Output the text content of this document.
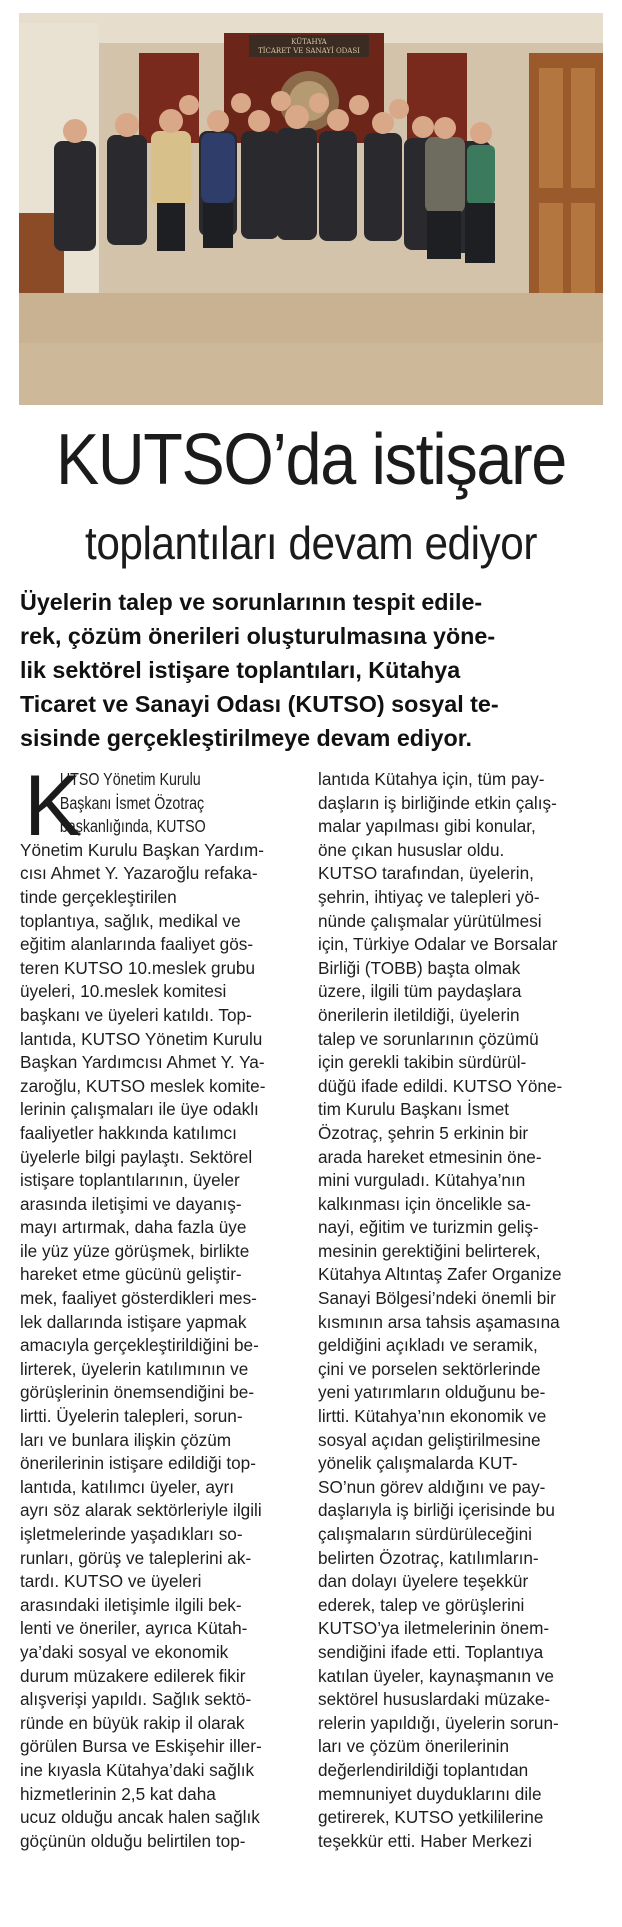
KÜTAHYA
TİCARET VE SANAYİ ODASI
KUTSO’da istişare
toplantıları devam ediyor
Üyelerin talep ve sorunlarının tespit edile-
rek, çözüm önerileri oluşturulmasına yöne-
lik sektörel istişare toplantıları, Kütahya
Ticaret ve Sanayi Odası (KUTSO) sosyal te-
sisinde gerçekleştirilmeye devam ediyor.
K
UTSO Yönetim Kurulu
Başkanı İsmet Özotraç
başkanlığında, KUTSO
Yönetim Kurulu Başkan Yardım-
cısı Ahmet Y. Yazaroğlu refaka-
tinde gerçekleştirilen
toplantıya, sağlık, medikal ve
eğitim alanlarında faaliyet gös-
teren KUTSO 10.meslek grubu
üyeleri, 10.meslek komitesi
başkanı ve üyeleri katıldı. Top-
lantıda, KUTSO Yönetim Kurulu
Başkan Yardımcısı Ahmet Y. Ya-
zaroğlu, KUTSO meslek komite-
lerinin çalışmaları ile üye odaklı
faaliyetler hakkında katılımcı
üyelerle bilgi paylaştı. Sektörel
istişare toplantılarının, üyeler
arasında iletişimi ve dayanış-
mayı artırmak, daha fazla üye
ile yüz yüze görüşmek, birlikte
hareket etme gücünü geliştir-
mek, faaliyet gösterdikleri mes-
lek dallarında istişare yapmak
amacıyla gerçekleştirildiğini be-
lirterek, üyelerin katılımının ve
görüşlerinin önemsendiğini be-
lirtti. Üyelerin talepleri, sorun-
ları ve bunlara ilişkin çözüm
önerilerinin istişare edildiği top-
lantıda, katılımcı üyeler, ayrı
ayrı söz alarak sektörleriyle ilgili
işletmelerinde yaşadıkları so-
runları, görüş ve taleplerini ak-
tardı. KUTSO ve üyeleri
arasındaki iletişimle ilgili bek-
lenti ve öneriler, ayrıca Kütah-
ya’daki sosyal ve ekonomik
durum müzakere edilerek fikir
alışverişi yapıldı. Sağlık sektö-
ründe en büyük rakip il olarak
görülen Bursa ve Eskişehir iller-
ine kıyasla Kütahya’daki sağlık
hizmetlerinin 2,5 kat daha
ucuz olduğu ancak halen sağlık
göçünün olduğu belirtilen top-
lantıda Kütahya için, tüm pay-
daşların iş birliğinde etkin çalış-
malar yapılması gibi konular,
öne çıkan hususlar oldu.
KUTSO tarafından, üyelerin,
şehrin, ihtiyaç ve talepleri yö-
nünde çalışmalar yürütülmesi
için, Türkiye Odalar ve Borsalar
Birliği (TOBB) başta olmak
üzere, ilgili tüm paydaşlara
önerilerin iletildiği, üyelerin
talep ve sorunlarının çözümü
için gerekli takibin sürdürül-
düğü ifade edildi. KUTSO Yöne-
tim Kurulu Başkanı İsmet
Özotraç, şehrin 5 erkinin bir
arada hareket etmesinin öne-
mini vurguladı. Kütahya’nın
kalkınması için öncelikle sa-
nayi, eğitim ve turizmin geliş-
mesinin gerektiğini belirterek,
Kütahya Altıntaş Zafer Organize
Sanayi Bölgesi’ndeki önemli bir
kısmının arsa tahsis aşamasına
geldiğini açıkladı ve seramik,
çini ve porselen sektörlerinde
yeni yatırımların olduğunu be-
lirtti. Kütahya’nın ekonomik ve
sosyal açıdan geliştirilmesine
yönelik çalışmalarda KUT-
SO’nun görev aldığını ve pay-
daşlarıyla iş birliği içerisinde bu
çalışmaların sürdürüleceğini
belirten Özotraç, katılımların-
dan dolayı üyelere teşekkür
ederek, talep ve görüşlerini
KUTSO’ya iletmelerinin önem-
sendiğini ifade etti. Toplantıya
katılan üyeler, kaynaşmanın ve
sektörel hususlardaki müzake-
relerin yapıldığı, üyelerin sorun-
ları ve çözüm önerilerinin
değerlendirildiği toplantıdan
memnuniyet duyduklarını dile
getirerek, KUTSO yetkililerine
teşekkür etti. Haber Merkezi
